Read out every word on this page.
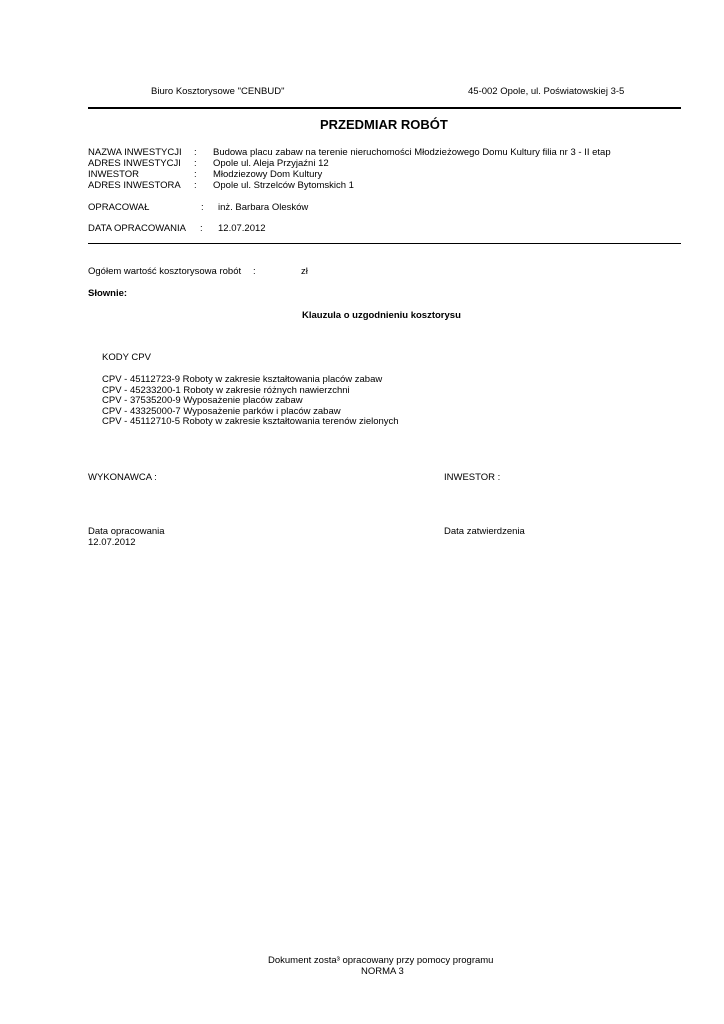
Biuro Kosztorysowe "CENBUD"	45-002 Opole, ul. Poświatowskiej 3-5
PRZEDMIAR ROBÓT
NAZWA INWESTYCJI : Budowa placu zabaw na terenie nieruchomości Młodzieżowego Domu Kultury filia nr 3 - II etap
ADRES INWESTYCJI : Opole ul. Aleja Przyjaźni 12
INWESTOR	: Młodziezowy Dom Kultury
ADRES INWESTORA : Opole ul. Strzelców Bytomskich 1
OPRACOWAŁ	: inż. Barbara Olesków
DATA OPRACOWANIA : 12.07.2012
Ogółem wartość kosztorysowa robót :	zł
Słownie:
Klauzula o uzgodnieniu kosztorysu
KODY CPV
CPV - 45112723-9 Roboty w zakresie kształtowania placów zabaw
CPV - 45233200-1 Roboty w zakresie różnych nawierzchni
CPV - 37535200-9 Wyposażenie placów zabaw
CPV - 43325000-7 Wyposażenie parków i placów zabaw
CPV - 45112710-5 Roboty w zakresie kształtowania terenów zielonych
WYKONAWCA :	INWESTOR :
Data opracowania
12.07.2012
Data zatwierdzenia
Dokument zosta³ opracowany przy pomocy programu
NORMA 3
